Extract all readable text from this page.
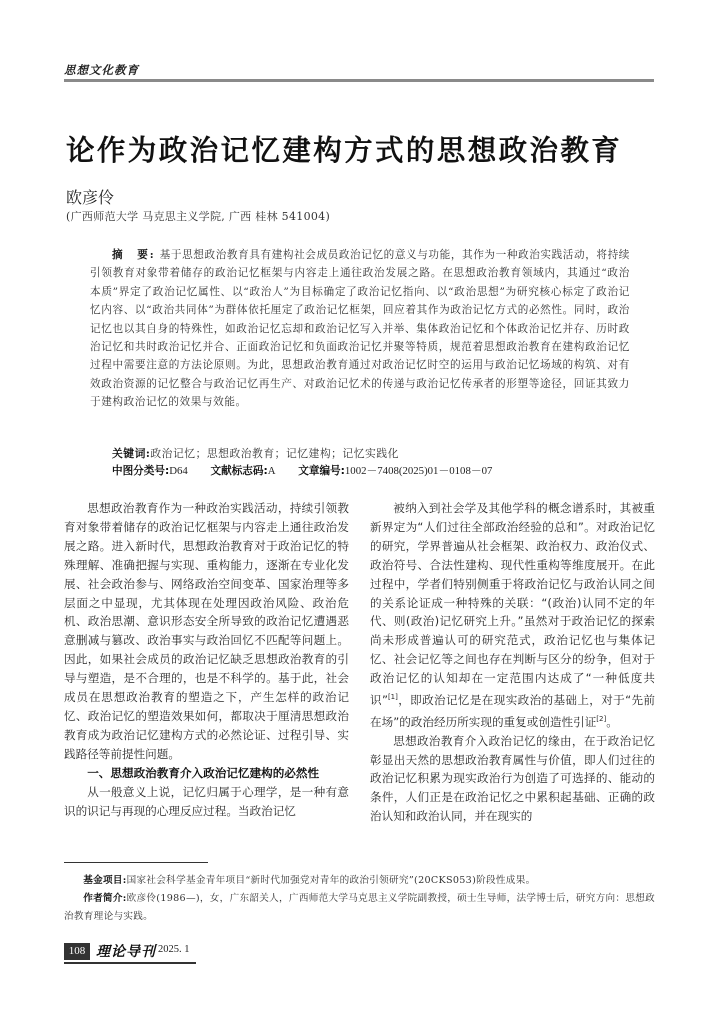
思想文化教育
论作为政治记忆建构方式的思想政治教育
欧彦伶
(广西师范大学 马克思主义学院, 广西 桂林 541004)
摘　要: 基于思想政治教育具有建构社会成员政治记忆的意义与功能，其作为一种政治实践活动，将持续引领教育对象带着储存的政治记忆框架与内容走上通往政治发展之路。在思想政治教育领域内，其通过“政治本质”界定了政治记忆属性、以“政治人”为目标确定了政治记忆指向、以“政治思想”为研究核心标定了政治记忆内容、以“政治共同体”为群体依托厘定了政治记忆框架，回应着其作为政治记忆方式的必然性。同时，政治记忆也以其自身的特殊性，如政治记忆忘却和政治记忆写入并举、集体政治记忆和个体政治记忆并存、历时政治记忆和共时政治记忆并合、正面政治记忆和负面政治记忆并聚等特质，规范着思想政治教育在建构政治记忆过程中需要注意的方法论原则。为此，思想政治教育通过对政治记忆时空的运用与政治记忆场域的构筑、对有效政治资源的记忆整合与政治记忆再生产、对政治记忆术的传递与政治记忆传承者的形塑等途径，回证其致力于建构政治记忆的效果与效能。
关键词:政治记忆；思想政治教育；记忆建构；记忆实践化
中图分类号:D64 文献标志码:A 文章编号:1002－7408(2025)01－0108－07

思想政治教育作为一种政治实践活动，持续引领教育对象带着储存的政治记忆框架与内容走上通往政治发展之路。进入新时代，思想政治教育对于政治记忆的特殊理解、准确把握与实现、重构能力，逐渐在专业化发展、社会政治参与、网络政治空间变革、国家治理等多层面之中显现，尤其体现在处理因政治风险、政治危机、政治思潮、意识形态安全所导致的政治记忆遭遇恶意删减与篡改、政治事实与政治回忆不匹配等问题上。因此，如果社会成员的政治记忆缺乏思想政治教育的引导与塑造，是不合理的，也是不科学的。基于此，社会成员在思想政治教育的塑造之下，产生怎样的政治记忆、政治记忆的塑造效果如何，都取决于厘清思想政治教育成为政治记忆建构方式的必然论证、过程引导、实践路径等前提性问题。

一、思想政治教育介入政治记忆建构的必然性

从一般意义上说，记忆归属于心理学，是一种有意识的识记与再现的心理反应过程。当政治记忆

被纳入到社会学及其他学科的概念谱系时，其被重新界定为“人们过往全部政治经验的总和”。对政治记忆的研究，学界普遍从社会框架、政治权力、政治仪式、政治符号、合法性建构、现代性重构等维度展开。在此过程中，学者们特别侧重于将政治记忆与政治认同之间的关系论证成一种特殊的关联：“(政治)认同不定的年代、则(政治)记忆研究上升。”虽然对于政治记忆的探索尚未形成普遍认可的研究范式，政治记忆也与集体记忆、社会记忆等之间也存在判断与区分的纷争，但对于政治记忆的认知却在一定范围内达成了“一种低度共识”[1]，即政治记忆是在现实政治的基础上，对于“先前在场”的政治经历所实现的重复或创造性引证[2]。

思想政治教育介入政治记忆的缘由，在于政治记忆彰显出天然的思想政治教育属性与价值，即人们过往的政治记忆积累为现实政治行为创造了可选择的、能动的条件，人们正是在政治记忆之中累积起基础、正确的政治认知和政治认同，并在现实的

基金项目:国家社会科学基金青年项目“新时代加强党对青年的政治引领研究”(20CKS053)阶段性成果。

作者简介:欧彦伶(1986—)，女，广东韶关人，广西师范大学马克思主义学院副教授，硕士生导师，法学博士后，研究方向：思想政治教育理论与实践。

108 理论导刊 2025. 1
